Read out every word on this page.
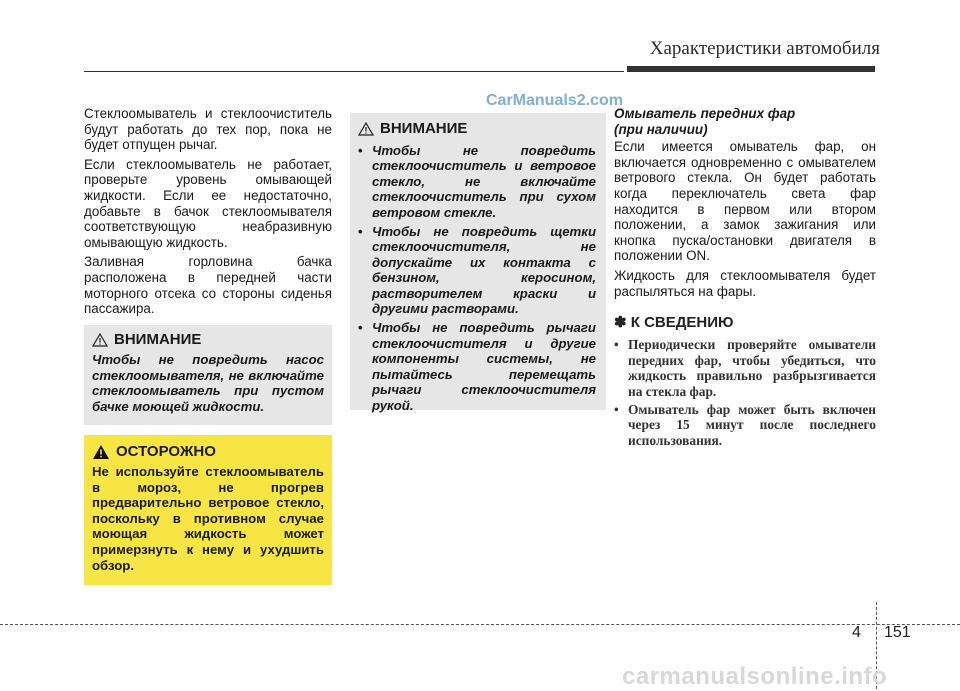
Характеристики автомобиля
CarManuals2.com

Стеклоомыватель и стеклоочиститель будут работать до тех пор, пока не будет отпущен рычаг.

Если стеклоомыватель не работает, проверьте уровень омывающей жидкости. Если ее недостаточно, добавьте в бачок стеклоомывателя соответствующую неабразивную омывающую жидкость.

Заливная горловина бачка расположена в передней части моторного отсека со стороны сиденья пассажира.

ВНИМАНИЕ
Чтобы не повредить насос стеклоомывателя, не включайте стеклоомыватель при пустом бачке моющей жидкости.
ОСТОРОЖНО
Не используйте стеклоомыватель в мороз, не прогрев предварительно ветровое стекло, поскольку в противном случае моющая жидкость может примерзнуть к нему и ухудшить обзор.
ВНИМАНИЕ
• Чтобы не повредить стеклоочиститель и ветровое стекло, не включайте стеклоочиститель при сухом ветровом стекле.
• Чтобы не повредить щетки стеклоочистителя, не допускайте их контакта с бензином, керосином, растворителем краски и другими растворами.
• Чтобы не повредить рычаги стеклоочистителя и другие компоненты системы, не пытайтесь перемещать рычаги стеклоочистителя рукой.
Омыватель передних фар
(при наличии)

Если имеется омыватель фар, он включается одновременно с омывателем ветрового стекла. Он будет работать когда переключатель света фар находится в первом или втором положении, а замок зажигания или кнопка пуска/остановки двигателя в положении ON.

Жидкость для стеклоомывателя будет распыляться на фары.

✽ К СВЕДЕНИЮ
• Периодически проверяйте омыватели передних фар, чтобы убедиться, что жидкость правильно разбрызгивается на стекла фар.
• Омыватель фар может быть включен через 15 минут после последнего использования.
4 151
carmanualsonline.info
